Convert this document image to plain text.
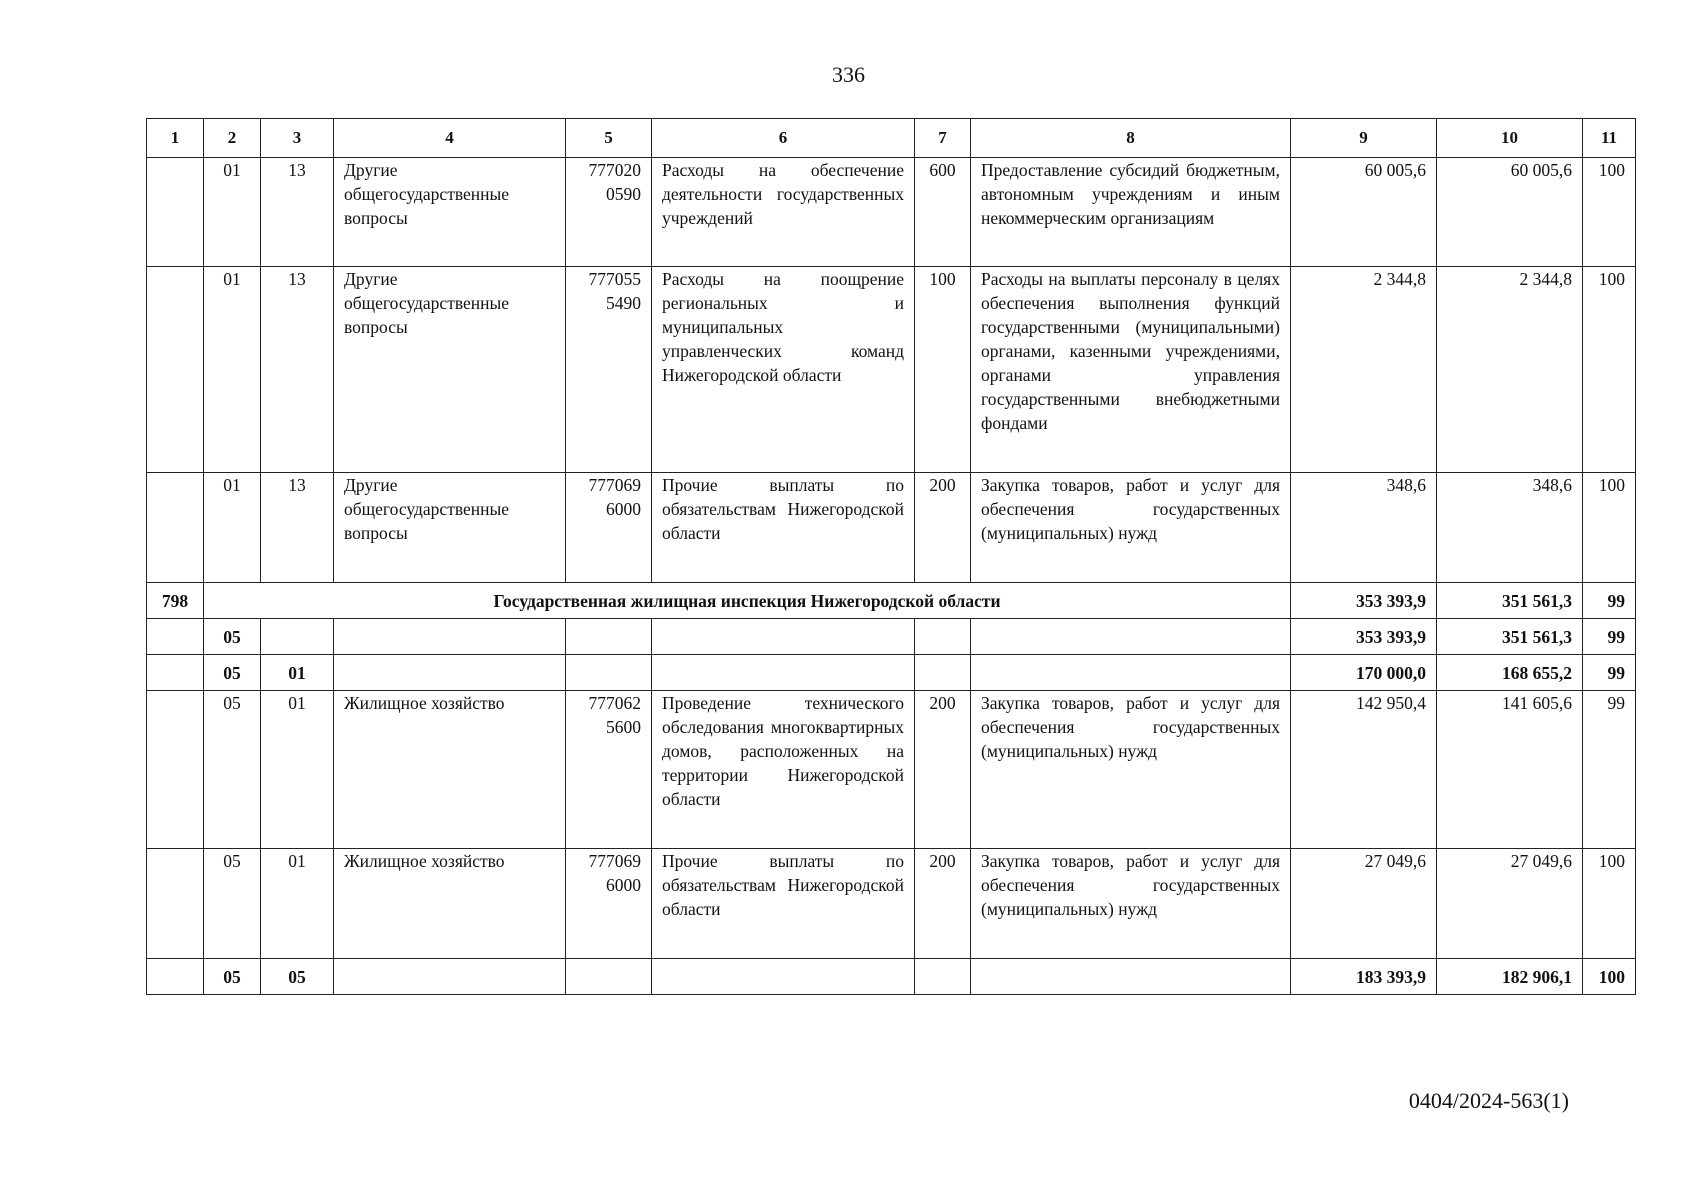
336
1	2	3	4	5	6	7	8	9	10	11
	01	13	Другие общегосударственные вопросы	777020 0590	Расходы на обеспечение деятельности государственных учреждений	600	Предоставление субсидий бюджетным, автономным учреждениям и иным некоммерческим организациям	60 005,6	60 005,6	100
	01	13	Другие общегосударственные вопросы	777055 5490	Расходы на поощрение региональных и муниципальных управленческих команд Нижегородской области	100	Расходы на выплаты персоналу в целях обеспечения выполнения функций государственными (муниципальными) органами, казенными учреждениями, органами управления государственными внебюджетными фондами	2 344,8	2 344,8	100
	01	13	Другие общегосударственные вопросы	777069 6000	Прочие выплаты по обязательствам Нижегородской области	200	Закупка товаров, работ и услуг для обеспечения государственных (муниципальных) нужд	348,6	348,6	100
798	Государственная жилищная инспекция Нижегородской области							353 393,9	351 561,3	99
	05							353 393,9	351 561,3	99
	05	01						170 000,0	168 655,2	99
	05	01	Жилищное хозяйство	777062 5600	Проведение технического обследования многоквартирных домов, расположенных на территории Нижегородской области	200	Закупка товаров, работ и услуг для обеспечения государственных (муниципальных) нужд	142 950,4	141 605,6	99
	05	01	Жилищное хозяйство	777069 6000	Прочие выплаты по обязательствам Нижегородской области	200	Закупка товаров, работ и услуг для обеспечения государственных (муниципальных) нужд	27 049,6	27 049,6	100
	05	05						183 393,9	182 906,1	100
0404/2024-563(1)
